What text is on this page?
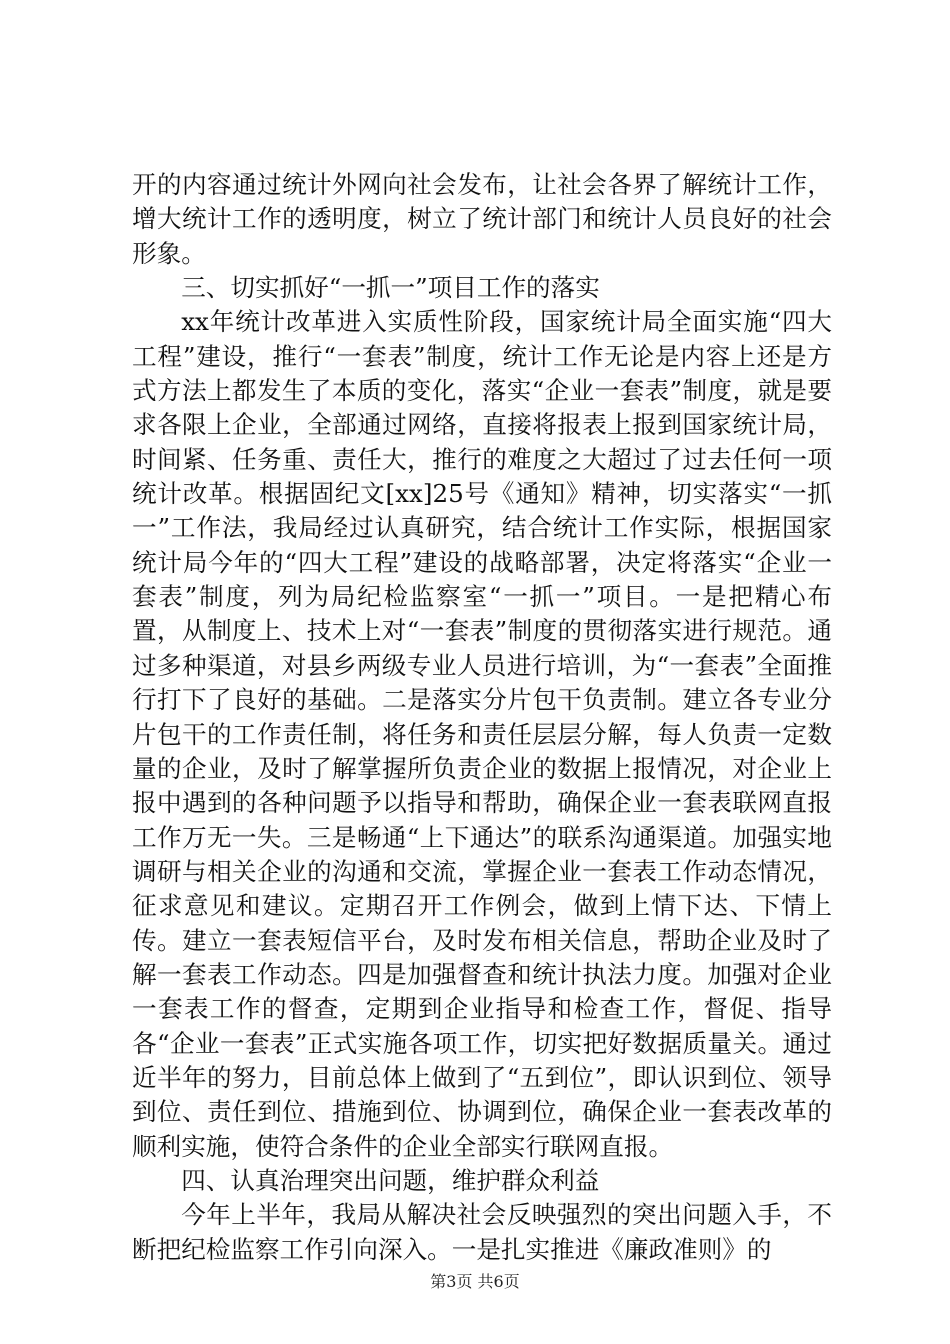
开的内容通过统计外网向社会发布，让社会各界了解统计工作，增大统计工作的透明度，树立了统计部门和统计人员良好的社会形象。

三、切实抓好“一抓一”项目工作的落实

xx年统计改革进入实质性阶段，国家统计局全面实施“四大工程”建设，推行“一套表”制度，统计工作无论是内容上还是方式方法上都发生了本质的变化，落实“企业一套表”制度，就是要求各限上企业，全部通过网络，直接将报表上报到国家统计局，时间紧、任务重、责任大，推行的难度之大超过了过去任何一项统计改革。根据固纪文[xx]25号《通知》精神，切实落实“一抓一”工作法，我局经过认真研究，结合统计工作实际，根据国家统计局今年的“四大工程”建设的战略部署，决定将落实“企业一套表”制度，列为局纪检监察室“一抓一”项目。一是把精心布置，从制度上、技术上对“一套表”制度的贯彻落实进行规范。通过多种渠道，对县乡两级专业人员进行培训，为“一套表”全面推行打下了良好的基础。二是落实分片包干负责制。建立各专业分片包干的工作责任制，将任务和责任层层分解，每人负责一定数量的企业，及时了解掌握所负责企业的数据上报情况，对企业上报中遇到的各种问题予以指导和帮助，确保企业一套表联网直报工作万无一失。三是畅通“上下通达”的联系沟通渠道。加强实地调研与相关企业的沟通和交流，掌握企业一套表工作动态情况，征求意见和建议。定期召开工作例会，做到上情下达、下情上传。建立一套表短信平台，及时发布相关信息，帮助企业及时了解一套表工作动态。四是加强督查和统计执法力度。加强对企业一套表工作的督查，定期到企业指导和检查工作，督促、指导各“企业一套表”正式实施各项工作，切实把好数据质量关。通过近半年的努力，目前总体上做到了“五到位”，即认识到位、领导到位、责任到位、措施到位、协调到位，确保企业一套表改革的顺利实施，使符合条件的企业全部实行联网直报。

四、认真治理突出问题，维护群众利益

今年上半年，我局从解决社会反映强烈的突出问题入手，不断把纪检监察工作引向深入。一是扎实推进《廉政准则》的

第3页 共6页
